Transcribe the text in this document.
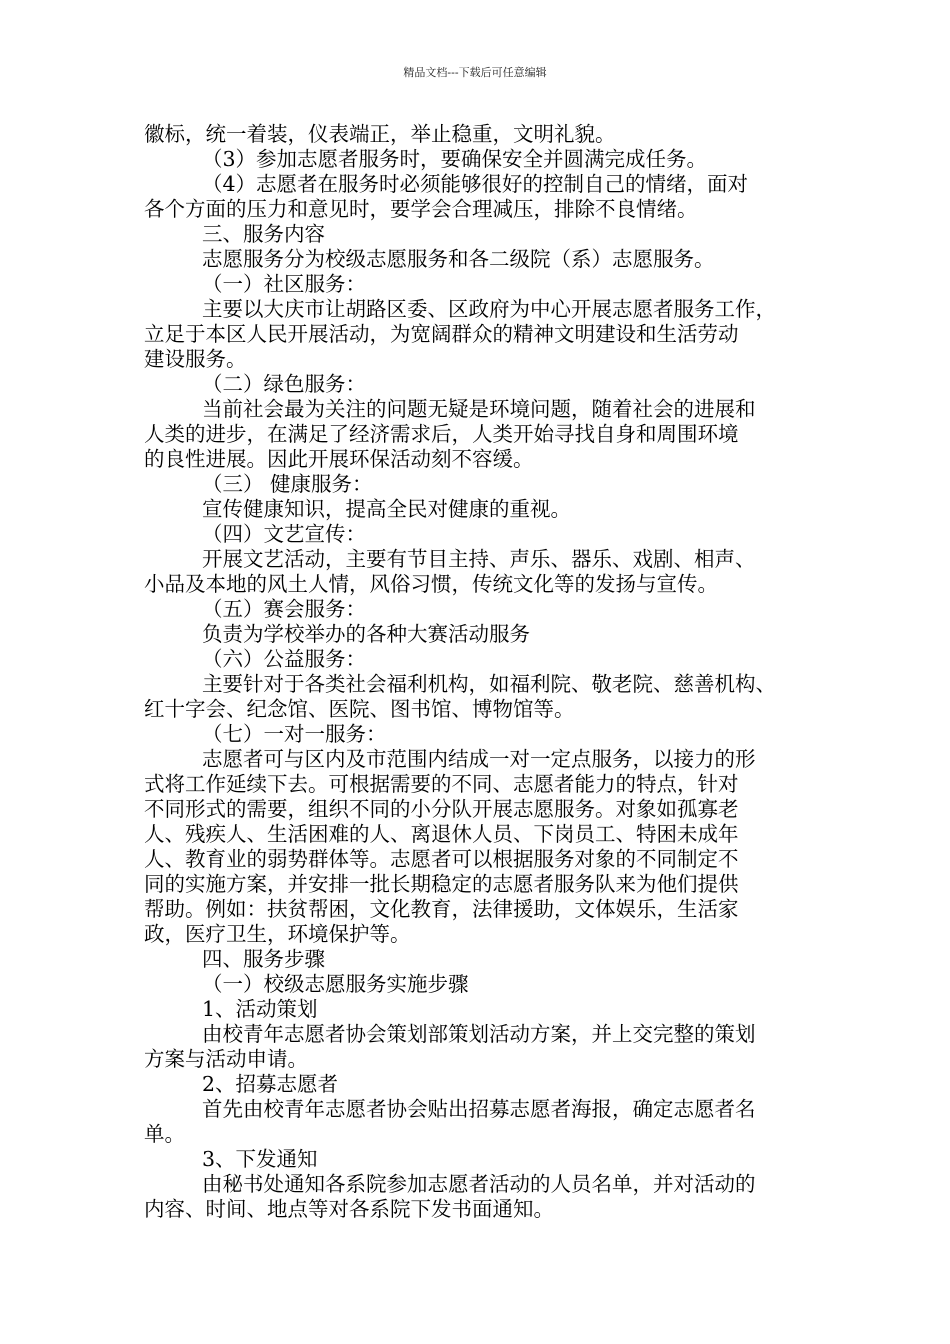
精品文档---下载后可任意编辑
徽标，统一着装，仪表端正，举止稳重，文明礼貌。
（3）参加志愿者服务时，要确保安全并圆满完成任务。
（4）志愿者在服务时必须能够很好的控制自己的情绪，面对
各个方面的压力和意见时，要学会合理减压，排除不良情绪。
三、服务内容
志愿服务分为校级志愿服务和各二级院（系）志愿服务。
（一）社区服务：
主要以大庆市让胡路区委、区政府为中心开展志愿者服务工作，
立足于本区人民开展活动，为宽阔群众的精神文明建设和生活劳动
建设服务。
（二）绿色服务：
当前社会最为关注的问题无疑是环境问题，随着社会的进展和
人类的进步，在满足了经济需求后，人类开始寻找自身和周围环境
的良性进展。因此开展环保活动刻不容缓。
（三） 健康服务：
宣传健康知识，提高全民对健康的重视。
（四）文艺宣传：
开展文艺活动，主要有节目主持、声乐、器乐、戏剧、相声、
小品及本地的风土人情，风俗习惯，传统文化等的发扬与宣传。
（五）赛会服务：
负责为学校举办的各种大赛活动服务
（六）公益服务：
主要针对于各类社会福利机构，如福利院、敬老院、慈善机构、
红十字会、纪念馆、医院、图书馆、博物馆等。
（七）一对一服务：
志愿者可与区内及市范围内结成一对一定点服务，以接力的形
式将工作延续下去。可根据需要的不同、志愿者能力的特点，针对
不同形式的需要，组织不同的小分队开展志愿服务。对象如孤寡老
人、残疾人、生活困难的人、离退休人员、下岗员工、特困未成年
人、教育业的弱势群体等。志愿者可以根据服务对象的不同制定不
同的实施方案，并安排一批长期稳定的志愿者服务队来为他们提供
帮助。例如：扶贫帮困，文化教育，法律援助，文体娱乐，生活家
政，医疗卫生，环境保护等。
四、服务步骤
（一）校级志愿服务实施步骤
1、活动策划
由校青年志愿者协会策划部策划活动方案，并上交完整的策划
方案与活动申请。
2、招募志愿者
首先由校青年志愿者协会贴出招募志愿者海报，确定志愿者名
单。
3、下发通知
由秘书处通知各系院参加志愿者活动的人员名单，并对活动的
内容、时间、地点等对各系院下发书面通知。
